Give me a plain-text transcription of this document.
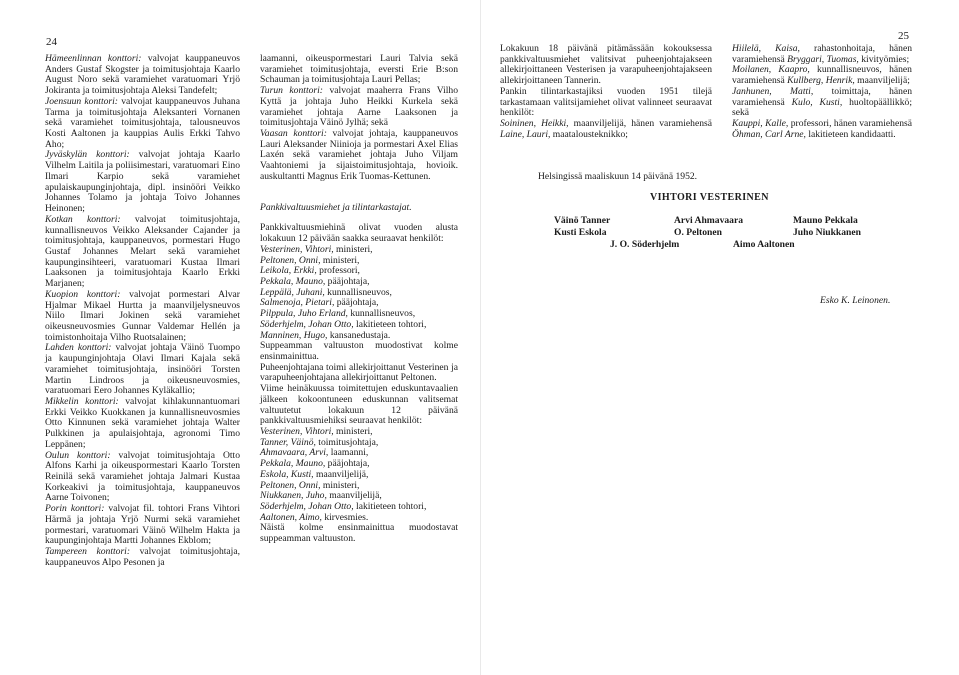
24	25

Hämeenlinnan konttori: valvojat kauppaneuvos Anders Gustaf Skogster ja toimitusjohtaja Kaarlo August Noro sekä varamiehet varatuomari Yrjö Jokiranta ja toimitusjohtaja Aleksi Tandefelt;

Joensuun konttori: valvojat kauppaneuvos Juhana Tarma ja toimitusjohtaja Aleksanteri Vornanen sekä varamiehet toimitusjohtaja, talousneuvos Kosti Aaltonen ja kauppias Aulis Erkki Tahvo Aho;

Jyväskylän konttori: valvojat johtaja Kaarlo Vilhelm Laitila ja poliisimestari, varatuomari Eino Ilmari Karpio sekä varamiehet apulaiskaupunginjohtaja, dipl. insinööri Veikko Johannes Tolamo ja johtaja Toivo Johannes Heinonen;

Kotkan konttori: valvojat toimitusjohtaja, kunnallisneuvos Veikko Aleksander Cajander ja toimitusjohtaja, kauppaneuvos, pormestari Hugo Gustaf Johannes Melart sekä varamiehet kaupunginsihteeri, varatuomari Kustaa Ilmari Laaksonen ja toimitusjohtaja Kaarlo Erkki Marjanen;

Kuopion konttori: valvojat pormestari Alvar Hjalmar Mikael Hurtta ja maanviljelysneuvos Niilo Ilmari Jokinen sekä varamiehet oikeusneuvosmies Gunnar Valdemar Hellén ja toimistonhoitaja Vilho Ruotsalainen;

Lahden konttori: valvojat johtaja Väinö Tuompo ja kaupunginjohtaja Olavi Ilmari Kajala sekä varamiehet toimitusjohtaja, insinööri Torsten Martin Lindroos ja oikeusneuvosmies, varatuomari Eero Johannes Kyläkallio;

Mikkelin konttori: valvojat kihlakunnantuomari Erkki Veikko Kuokkanen ja kunnallisneuvosmies Otto Kinnunen sekä varamiehet johtaja Walter Pulkkinen ja apulaisjohtaja, agronomi Timo Leppänen;

Oulun konttori: valvojat toimitusjohtaja Otto Alfons Karhi ja oikeuspormestari Kaarlo Torsten Reinilä sekä varamiehet johtaja Jalmari Kustaa Korkeakivi ja toimitusjohtaja, kauppaneuvos Aarne Toivonen;

Porin konttori: valvojat fil. tohtori Frans Vihtori Härmä ja johtaja Yrjö Nurmi sekä varamiehet pormestari, varatuomari Väinö Wilhelm Hakta ja kaupunginjohtaja Martti Johannes Ekblom;

Tampereen konttori: valvojat toimitusjohtaja, kauppaneuvos Alpo Pesonen ja

laamanni, oikeuspormestari Lauri Talvia sekä varamiehet toimitusjohtaja, eversti Erie B:son Schauman ja toimitusjohtaja Lauri Pellas;

Turun konttori: valvojat maaherra Frans Vilho Kyttä ja johtaja Juho Heikki Kurkela sekä varamiehet johtaja Aarne Laaksonen ja toimitusjohtaja Väinö Jylhä; sekä

Vaasan konttori: valvojat johtaja, kauppaneuvos Lauri Aleksander Niinioja ja pormestari Axel Elias Laxén sekä varamiehet johtaja Juho Viljam Vaahtoniemi ja sijaistoimitusjohtaja, hovioik. auskultantti Magnus Erik Tuomas-Kettunen.

Pankkivaltuusmiehet ja tilintarkastajat.

Pankkivaltuusmiehinä olivat vuoden alusta lokakuun 12 päivään saakka seuraavat henkilöt:

Vesterinen, Vihtori, ministeri,
Peltonen, Onni, ministeri,
Leikola, Erkki, professori,
Pekkala, Mauno, pääjohtaja,
Leppälä, Juhani, kunnallisneuvos,
Salmenoja, Pietari, pääjohtaja,
Pilppula, Juho Erland, kunnallisneuvos,
Söderhjelm, Johan Otto, lakitieteen tohtori,
Manninen, Hugo, kansanedustaja.

Suppeamman valtuuston muodostivat kolme ensinmainittua.

Puheenjohtajana toimi allekirjoittanut Vesterinen ja varapuheenjohtajana allekirjoittanut Peltonen.

Viime heinäkuussa toimitettujen eduskuntavaalien jälkeen kokoontuneen eduskunnan valitsemat valtuutetut lokakuun 12 päivänä pankkivaltuusmiehiksi seuraavat henkilöt:

Vesterinen, Vihtori, ministeri,
Tanner, Väinö, toimitusjohtaja,
Ahmavaara, Arvi, laamanni,
Pekkala, Mauno, pääjohtaja,
Eskola, Kusti, maanviljelijä,
Peltonen, Onni, ministeri,
Niukkanen, Juho, maanviljelijä,
Söderhjelm, Johan Otto, lakitieteen tohtori,
Aaltonen, Aimo, kirvesmies.

Näistä kolme ensinmainittua muodostavat suppeamman valtuuston.

Lokakuun 18 päivänä pitämässään kokouksessa pankkivaltuusmiehet valitsivat puheenjohtajakseen allekirjoittaneen Vesterisen ja varapuheenjohtajakseen allekirjoittaneen Tannerin.

Pankin tilintarkastajiksi vuoden 1951 tilejä tarkastamaan valitsijamiehet olivat valinneet seuraavat henkilöt:

Soininen, Heikki, maanviljelijä, hänen varamiehensä Laine, Lauri, maatalousteknikko;

Helsingissä maaliskuun 14 päivänä 1952.

Hiilelä, Kaisa, rahastonhoitaja, hänen varamiehensä Bryggari, Tuomas, kivityömies;

Moilanen, Kaapro, kunnallisneuvos, hänen varamiehensä Kullberg, Henrik, maanviljelijä;

Janhunen, Matti, toimittaja, hänen varamiehensä Kulo, Kusti, huoltopäällikkö; sekä

Kauppi, Kalle, professori, hänen varamiehensä Öhman, Carl Arne, lakitieteen kandidaatti.

VIHTORI VESTERINEN
Väinö Tanner	Arvi Ahmavaara	Mauno Pekkala
Kusti Eskola	O. Peltonen	Juho Niukkanen
J. O. Söderhjelm	Aimo Aaltonen
Esko K. Leinonen.
